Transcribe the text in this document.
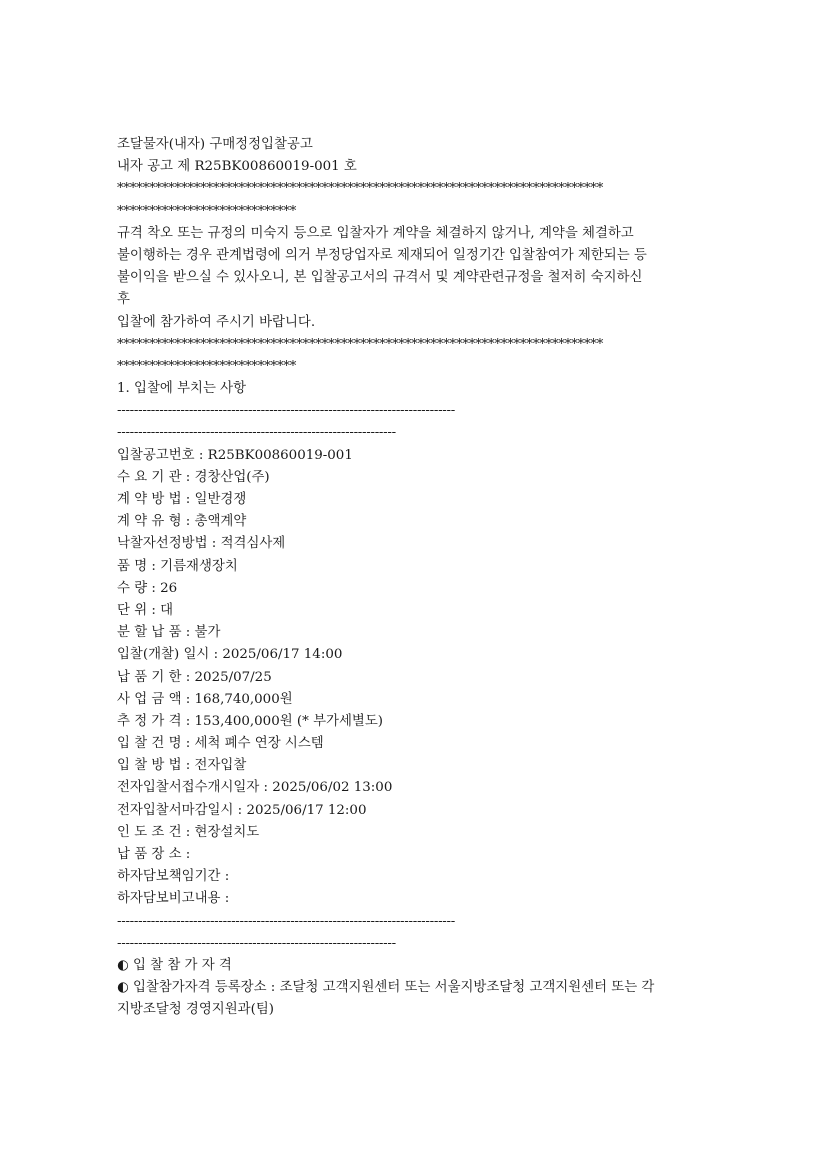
조달물자(내자) 구매정정입찰공고
내자 공고 제 R25BK00860019-001 호
****************************************************************************
****************************
규격 착오 또는 규정의 미숙지 등으로 입찰자가 계약을 체결하지 않거나, 계약을 체결하고
불이행하는 경우 관계법령에 의거 부정당업자로 제재되어 일정기간 입찰참여가 제한되는 등
불이익을 받으실 수 있사오니, 본 입찰공고서의 규격서 및 계약관련규정을 철저히 숙지하신
후
입찰에 참가하여 주시기 바랍니다.
****************************************************************************
****************************
1. 입찰에 부치는 사항
--------------------------------------------------------------------------------
------------------------------------------------------------------
입찰공고번호 : R25BK00860019-001
수 요 기 관 : 경창산업(주)
계 약 방 법 : 일반경쟁
계 약 유 형 : 총액계약
낙찰자선정방법 : 적격심사제
품 명 : 기름재생장치
수 량 : 26
단 위 : 대
분 할 납 품 : 불가
입찰(개찰) 일시 : 2025/06/17 14:00
납 품 기 한 : 2025/07/25
사 업 금 액 : 168,740,000원
추 정 가 격 : 153,400,000원 (* 부가세별도)
입 찰 건 명 : 세척 폐수 연장 시스템
입 찰 방 법 : 전자입찰
전자입찰서접수개시일자 : 2025/06/02 13:00
전자입찰서마감일시 : 2025/06/17 12:00
인 도 조 건 : 현장설치도
납 품 장 소 :
하자담보책임기간 :
하자담보비고내용 :
--------------------------------------------------------------------------------
------------------------------------------------------------------
◐ 입 찰 참 가 자 격
◐ 입찰참가자격 등록장소 : 조달청 고객지원센터 또는 서울지방조달청 고객지원센터 또는 각
지방조달청 경영지원과(팀)
